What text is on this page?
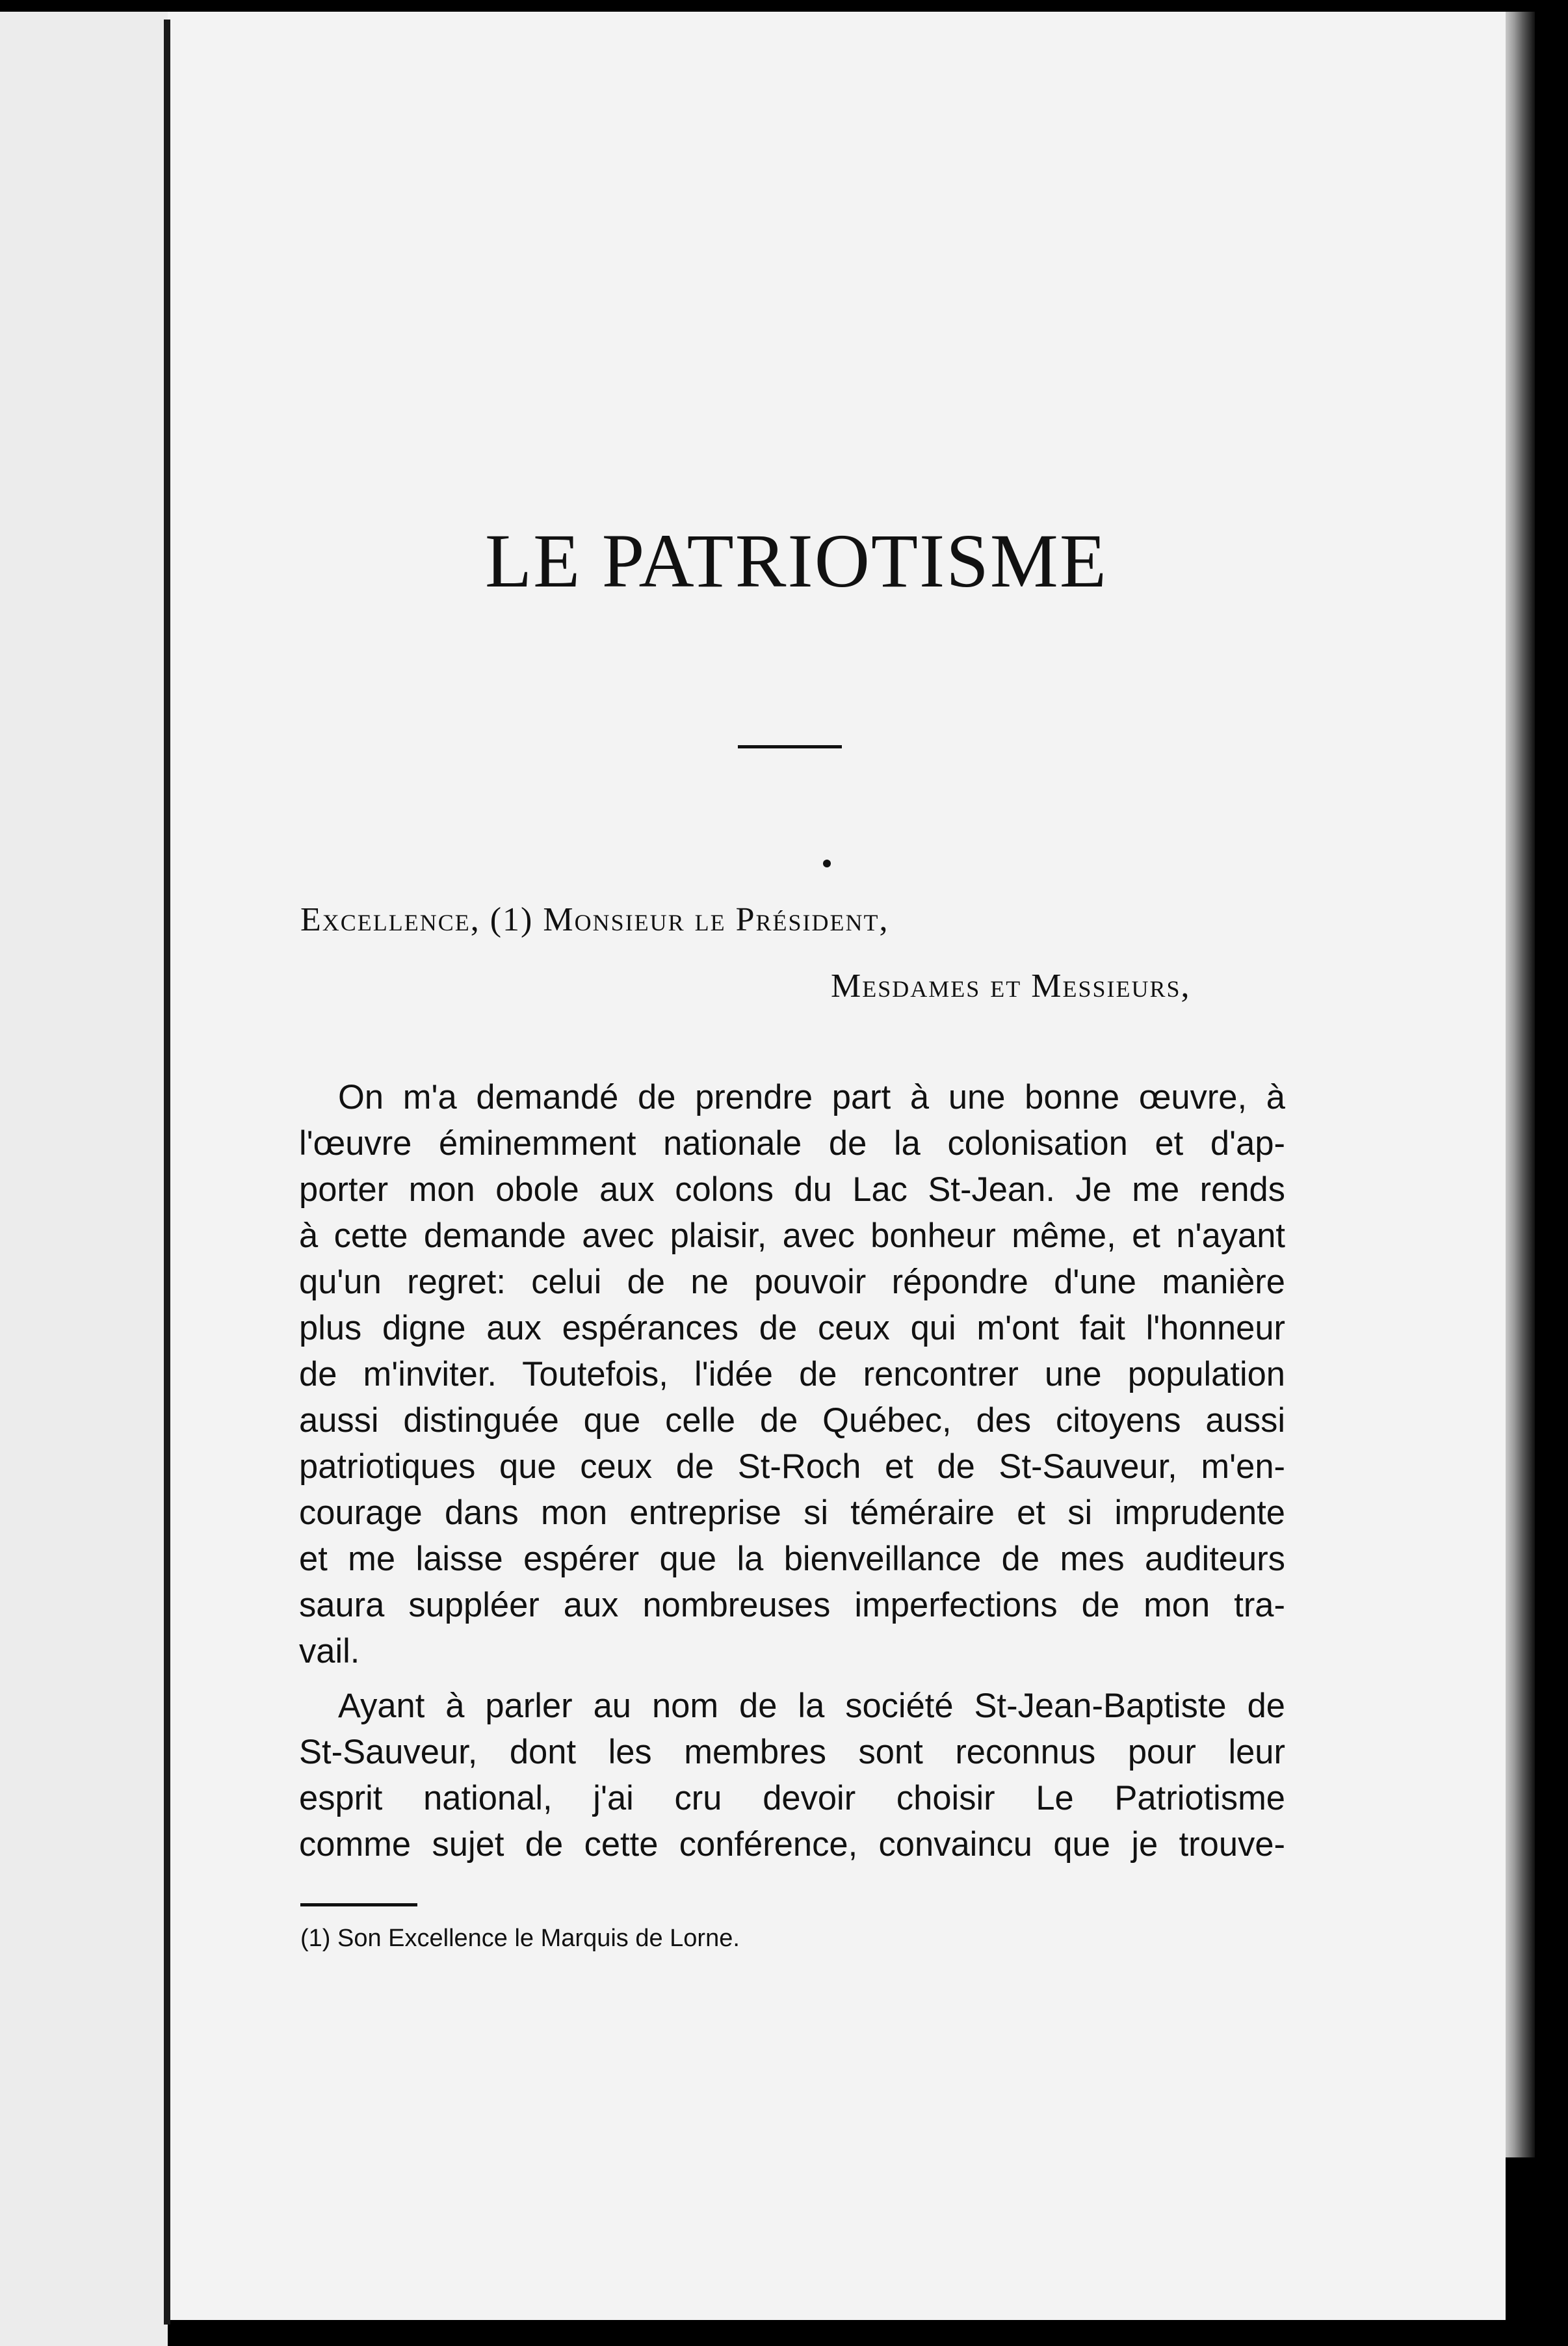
LE PATRIOTISME

Excellence, (1) Monsieur le Président,

Mesdames et Messieurs,

On m'a demandé de prendre part à une bonne œuvre, à

l'œuvre éminemment nationale de la colonisation et d'ap-

porter mon obole aux colons du Lac St-Jean. Je me rends

à cette demande avec plaisir, avec bonheur même, et n'ayant

qu'un regret: celui de ne pouvoir répondre d'une manière

plus digne aux espérances de ceux qui m'ont fait l'honneur

de m'inviter. Toutefois, l'idée de rencontrer une population

aussi distinguée que celle de Québec, des citoyens aussi

patriotiques que ceux de St-Roch et de St-Sauveur, m'en-

courage dans mon entreprise si téméraire et si imprudente

et me laisse espérer que la bienveillance de mes auditeurs

saura suppléer aux nombreuses imperfections de mon tra-

vail.

Ayant à parler au nom de la société St-Jean-Baptiste de

St-Sauveur, dont les membres sont reconnus pour leur

esprit national, j'ai cru devoir choisir Le Patriotisme

comme sujet de cette conférence, convaincu que je trouve-

(1) Son Excellence le Marquis de Lorne.
